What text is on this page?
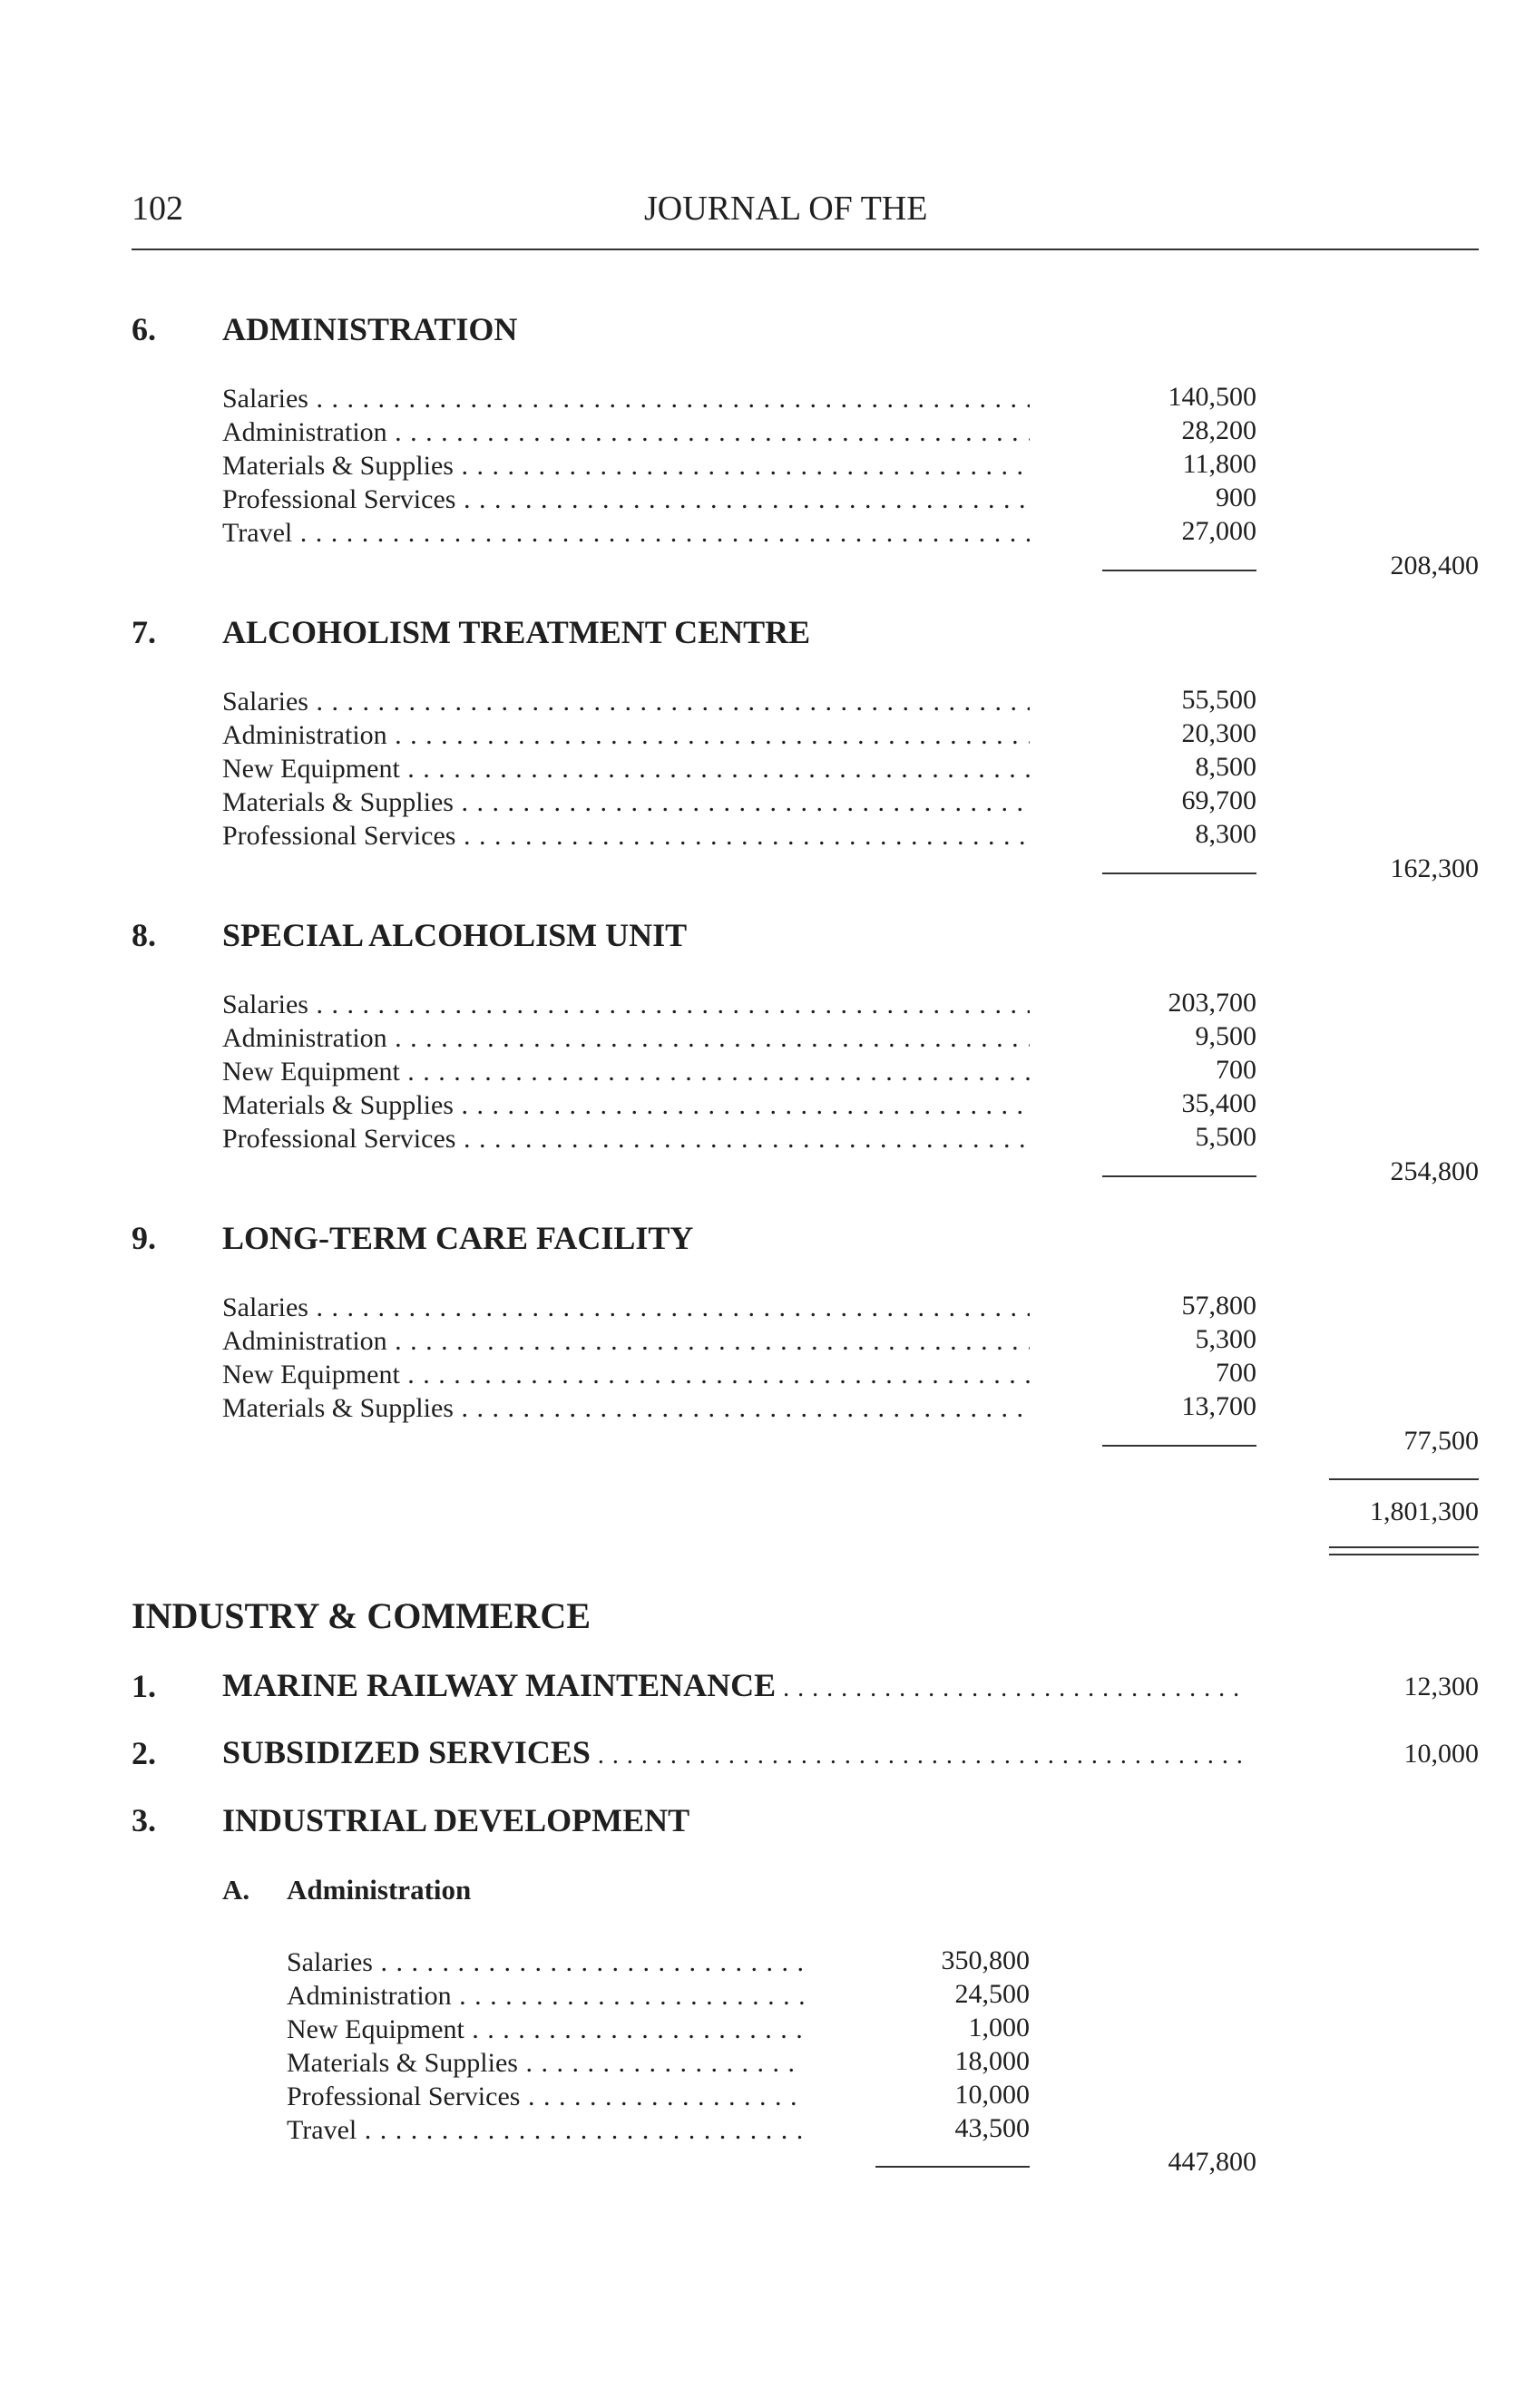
102	JOURNAL OF THE
6. ADMINISTRATION
Salaries . . .	140,500
Administration . . .	28,200
Materials & Supplies . . .	11,800
Professional Services . . .	900
Travel . . .	27,000
208,400
7. ALCOHOLISM TREATMENT CENTRE
Salaries . . .	55,500
Administration . . .	20,300
New Equipment . . .	8,500
Materials & Supplies . . .	69,700
Professional Services . . .	8,300
162,300
8. SPECIAL ALCOHOLISM UNIT
Salaries . . .	203,700
Administration . . .	9,500
New Equipment . . .	700
Materials & Supplies . . .	35,400
Professional Services . . .	5,500
254,800
9. LONG-TERM CARE FACILITY
Salaries . . .	57,800
Administration . . .	5,300
New Equipment . . .	700
Materials & Supplies . . .	13,700
77,500
1,801,300
INDUSTRY & COMMERCE
1. MARINE RAILWAY MAINTENANCE . . .	12,300
2. SUBSIDIZED SERVICES . . .	10,000
3. INDUSTRIAL DEVELOPMENT
A. Administration
Salaries . . .	350,800
Administration . . .	24,500
New Equipment . . .	1,000
Materials & Supplies . . .	18,000
Professional Services . . .	10,000
Travel . . .	43,500
447,800
